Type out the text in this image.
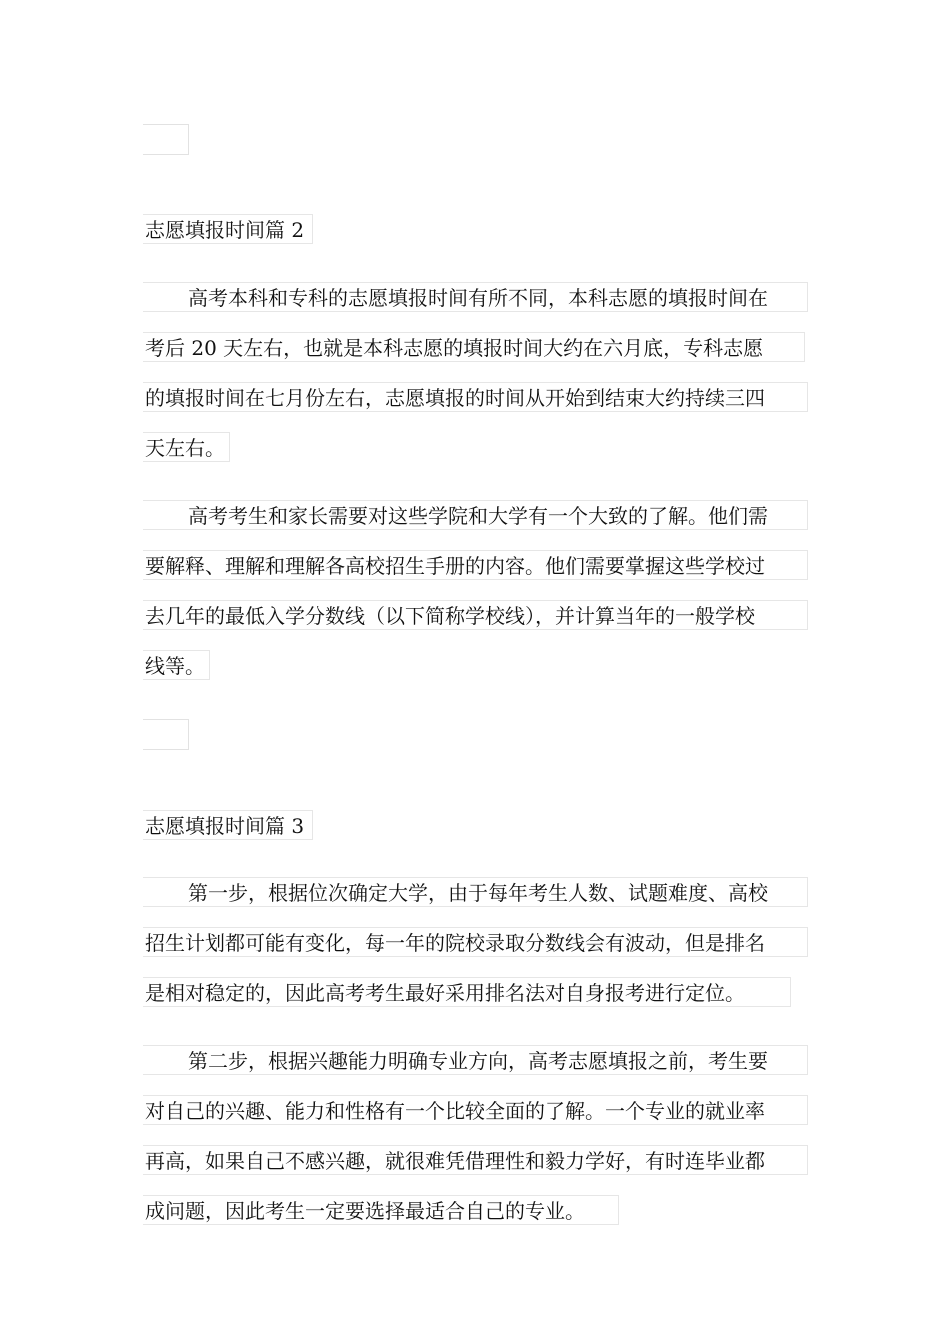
志愿填报时间篇 2
高考本科和专科的志愿填报时间有所不同，本科志愿的填报时间在
考后 20 天左右，也就是本科志愿的填报时间大约在六月底，专科志愿
的填报时间在七月份左右，志愿填报的时间从开始到结束大约持续三四
天左右。
高考考生和家长需要对这些学院和大学有一个大致的了解。他们需
要解释、理解和理解各高校招生手册的内容。他们需要掌握这些学校过
去几年的最低入学分数线（以下简称学校线），并计算当年的一般学校
线等。
志愿填报时间篇 3
第一步，根据位次确定大学，由于每年考生人数、试题难度、高校
招生计划都可能有变化，每一年的院校录取分数线会有波动，但是排名
是相对稳定的，因此高考考生最好采用排名法对自身报考进行定位。
第二步，根据兴趣能力明确专业方向，高考志愿填报之前，考生要
对自己的兴趣、能力和性格有一个比较全面的了解。一个专业的就业率
再高，如果自己不感兴趣，就很难凭借理性和毅力学好，有时连毕业都
成问题，因此考生一定要选择最适合自己的专业。
